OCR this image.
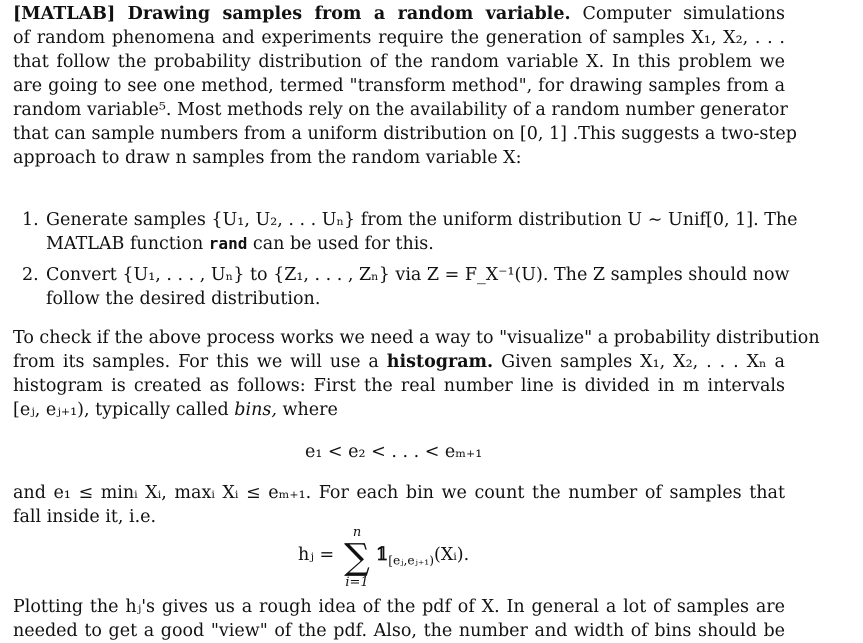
[MATLAB] Drawing samples from a random variable. Computer simulations
of random phenomena and experiments require the generation of samples X₁, X₂, . . .
that follow the probability distribution of the random variable X. In this problem we
are going to see one method, termed "transform method", for drawing samples from a
random variable⁵. Most methods rely on the availability of a random number generator
that can sample numbers from a uniform distribution on [0, 1] .This suggests a two-step
approach to draw n samples from the random variable X:
1. Generate samples {U₁, U₂, . . . Uₙ} from the uniform distribution U ∼ Unif[0, 1]. The
MATLAB function rand can be used for this.
2. Convert {U₁, . . . , Uₙ} to {Z₁, . . . , Zₙ} via Z = F_X⁻¹(U). The Z samples should now
follow the desired distribution.
To check if the above process works we need a way to "visualize" a probability distribution
from its samples. For this we will use a histogram. Given samples X₁, X₂, . . . Xₙ a
histogram is created as follows: First the real number line is divided in m intervals
[eⱼ, eⱼ₊₁), typically called bins, where
e₁ < e₂ < . . . < eₘ₊₁
and e₁ ≤ minᵢ Xᵢ, maxᵢ Xᵢ ≤ eₘ₊₁. For each bin we count the number of samples that
fall inside it, i.e.
hⱼ =
n
∑
i=1
$𝟙_{[eⱼ,eⱼ_{+1})}(Xᵢ)$.
Plotting the hⱼ's gives us a rough idea of the pdf of X. In general a lot of samples are
needed to get a good "view" of the pdf. Also, the number and width of bins should be
